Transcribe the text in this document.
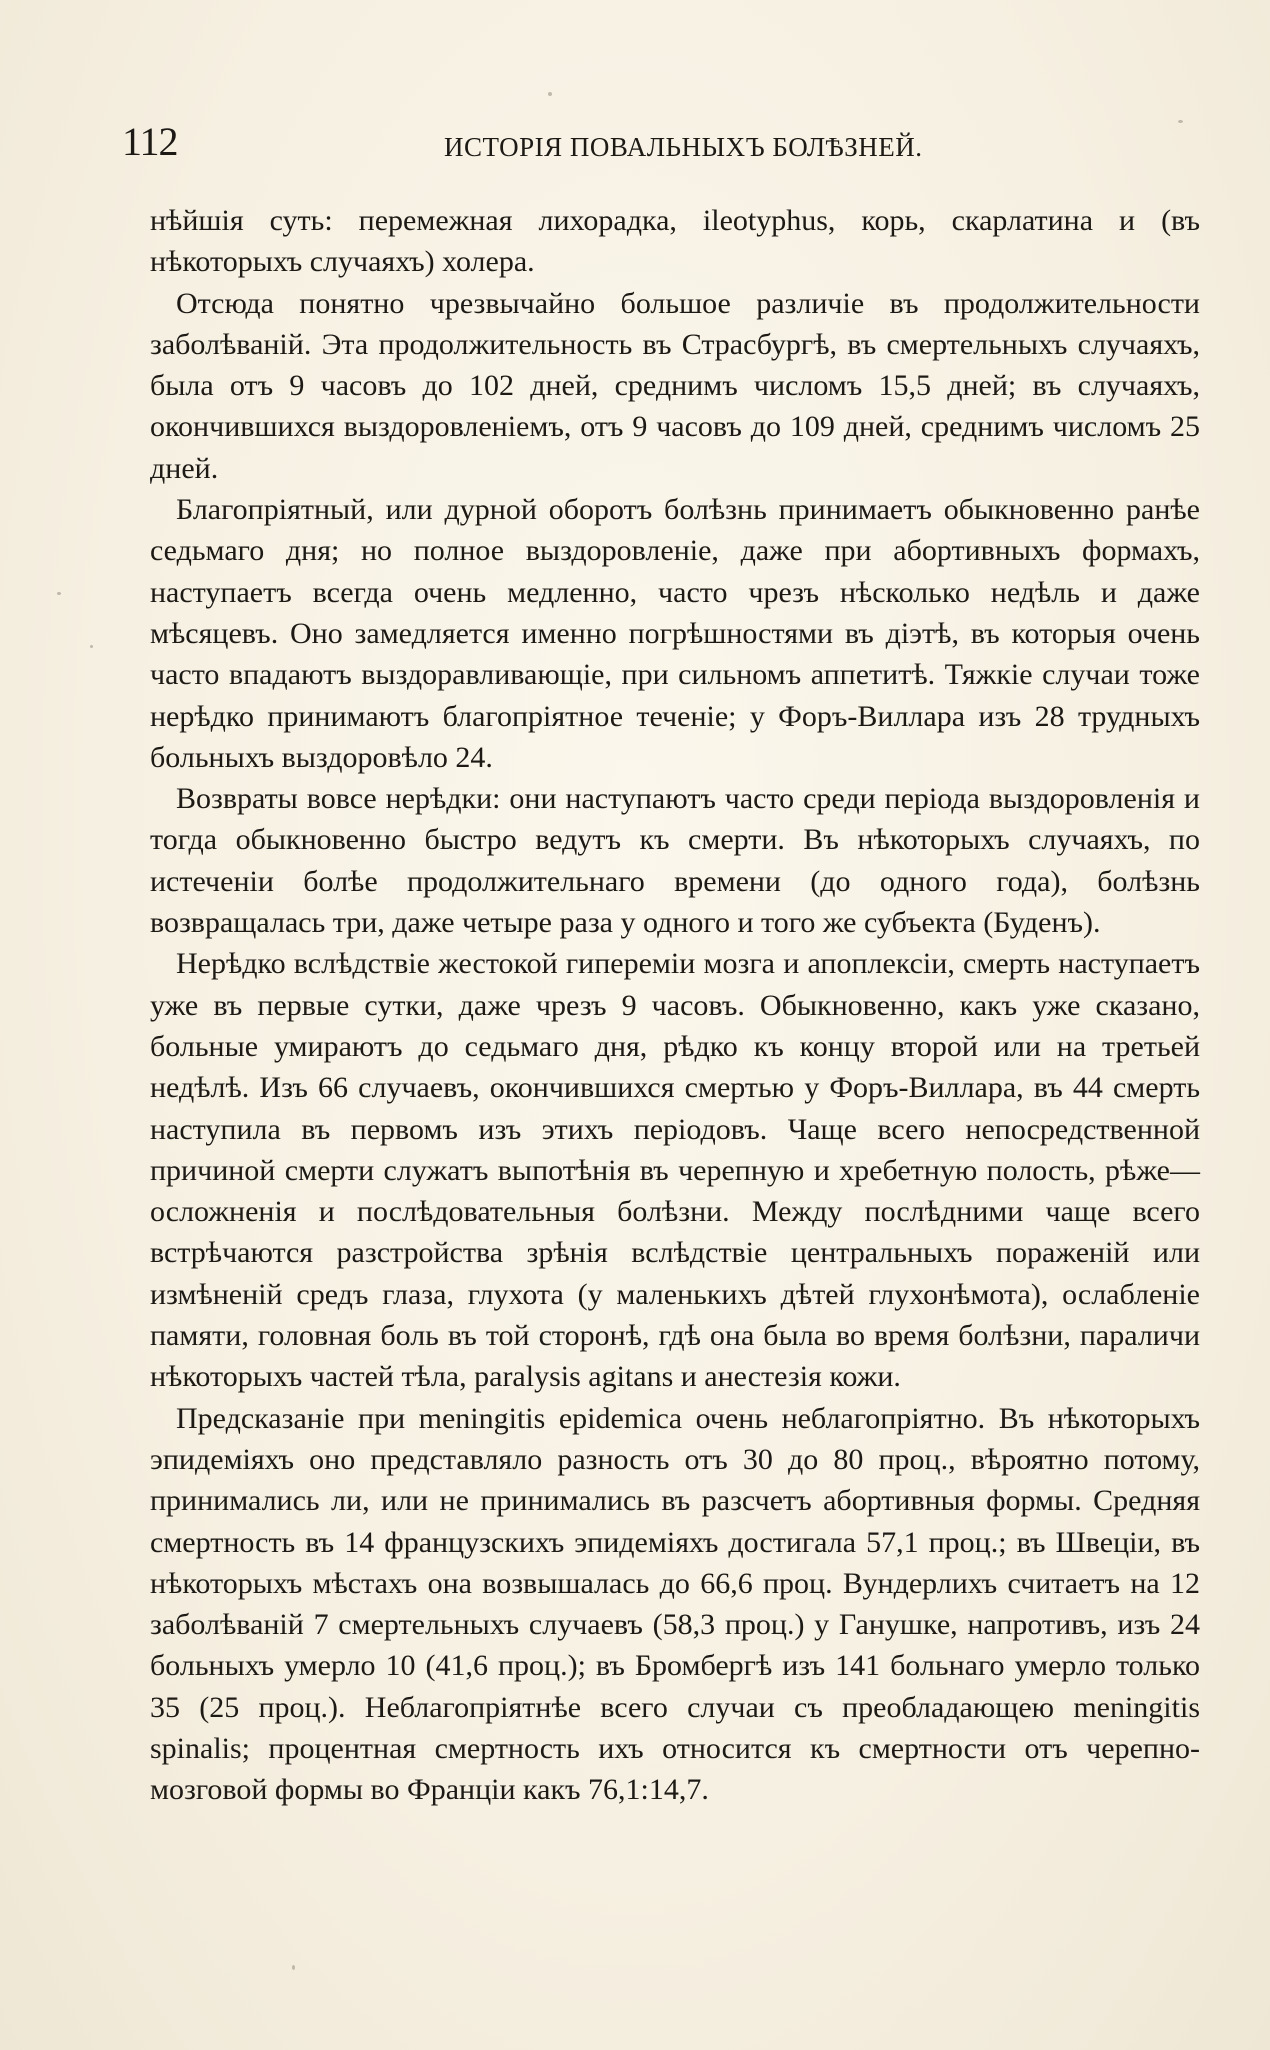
112	ИСТОРІЯ ПОВАЛЬНЫХЪ БОЛѢЗНЕЙ.

нѣйшія суть: перемежная лихорадка, ileotyphus, корь, скарлатина и (въ нѣкоторыхъ случаяхъ) холера.

Отсюда понятно чрезвычайно большое различіе въ продолжительности заболѣваній. Эта продолжительность въ Страсбургѣ, въ смертельныхъ случаяхъ, была отъ 9 часовъ до 102 дней, среднимъ числомъ 15,5 дней; въ случаяхъ, окончившихся выздоровленіемъ, отъ 9 часовъ до 109 дней, среднимъ числомъ 25 дней.

Благопріятный, или дурной оборотъ болѣзнь принимаетъ обыкновенно ранѣе седьмаго дня; но полное выздоровленіе, даже при абортивныхъ формахъ, наступаетъ всегда очень медленно, часто чрезъ нѣсколько недѣль и даже мѣсяцевъ. Оно замедляется именно погрѣшностями въ діэтѣ, въ которыя очень часто впадаютъ выздоравливающіе, при сильномъ аппетитѣ. Тяжкіе случаи тоже нерѣдко принимаютъ благопріятное теченіе; у Форъ-Виллара изъ 28 трудныхъ больныхъ выздоровѣло 24.

Возвраты вовсе нерѣдки: они наступаютъ часто среди періода выздоровленія и тогда обыкновенно быстро ведутъ къ смерти. Въ нѣкоторыхъ случаяхъ, по истеченіи болѣе продолжительнаго времени (до одного года), болѣзнь возвращалась три, даже четыре раза у одного и того же субъекта (Буденъ).

Нерѣдко вслѣдствіе жестокой гипереміи мозга и апоплексіи, смерть наступаетъ уже въ первые сутки, даже чрезъ 9 часовъ. Обыкновенно, какъ уже сказано, больные умираютъ до седьмаго дня, рѣдко къ концу второй или на третьей недѣлѣ. Изъ 66 случаевъ, окончившихся смертью у Форъ-Виллара, въ 44 смерть наступила въ первомъ изъ этихъ періодовъ. Чаще всего непосредственной причиной смерти служатъ выпотѣнія въ черепную и хребетную полость, рѣже—осложненія и послѣдовательныя болѣзни. Между послѣдними чаще всего встрѣчаются разстройства зрѣнія вслѣдствіе центральныхъ пораженій или измѣненій средъ глаза, глухота (у маленькихъ дѣтей глухонѣмота), ослабленіе памяти, головная боль въ той сторонѣ, гдѣ она была во время болѣзни, параличи нѣкоторыхъ частей тѣла, paralysis agitans и анестезія кожи.

Предсказаніе при meningitis epidemica очень неблагопріятно. Въ нѣкоторыхъ эпидеміяхъ оно представляло разность отъ 30 до 80 проц., вѣроятно потому, принимались ли, или не принимались въ разсчетъ абортивныя формы. Средняя смертность въ 14 французскихъ эпидеміяхъ достигала 57,1 проц.; въ Швеціи, въ нѣкоторыхъ мѣстахъ она возвышалась до 66,6 проц. Вундерлихъ считаетъ на 12 заболѣваній 7 смертельныхъ случаевъ (58,3 проц.) у Ганушке, напротивъ, изъ 24 больныхъ умерло 10 (41,6 проц.); въ Бромбергѣ изъ 141 больнаго умерло только 35 (25 проц.). Неблагопріятнѣе всего случаи съ преобладающею meningitis spinalis; процентная смертность ихъ относится къ смертности отъ черепно-мозговой формы во Франціи какъ 76,1:14,7.
